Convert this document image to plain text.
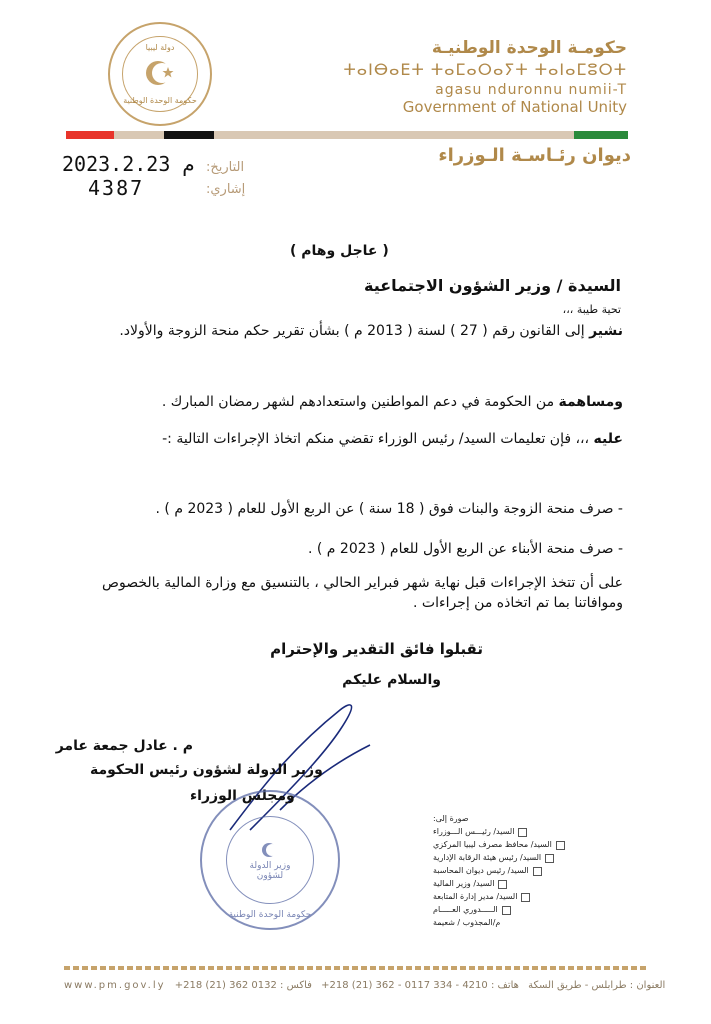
دولة ليبيا
حكومة الوحدة الوطنية
حكومـة الوحدة الوطنيـة
ⵜⴰⵏⴱⴰⴹⵜ ⵜⴰⵎⴰⵔⴰⵢⵜ ⵜⴰⵏⴰⵎⵓⵔⵜ
agasu nduronnu numii-T
Government of National Unity
ديوان رئـاسـة الـوزراء
م 2023.2.23 التاريخ:
4387	إشاري:
( عاجل وهام )
السيدة / وزير الشؤون الاجتماعية
تحية طيبة ،،،
نشير إلى القانون رقم ( 27 ) لسنة ( 2013 م ) بشأن تقرير حكم منحة الزوجة والأولاد.
ومساهمة من الحكومة في دعم المواطنين واستعدادهم لشهر رمضان المبارك .
عليه ،،، فإن تعليمات السيد/ رئيس الوزراء تقضي منكم اتخاذ الإجراءات التالية :-
- صرف منحة الزوجة والبنات فوق ( 18 سنة ) عن الربع الأول للعام ( 2023 م ) .
- صرف منحة الأبناء عن الربع الأول للعام ( 2023 م ) .
على أن تتخذ الإجراءات قبل نهاية شهر فبراير الحالي ، بالتنسيق مع وزارة المالية بالخصوص وموافاتنا بما تم اتخاذه من إجراءات .
تقبلوا فائق التقدير والإحترام
والسلام عليكم
م . عادل جمعة عامر
وزير الدولة لشؤون رئيس الحكومة
ومجلس الوزراء
وزير الدولة
لشؤون
حكومة الوحدة الوطنية
صورة إلى:
السيد/ رئيـــس الـــوزراء
السيد/ محافظ مصرف ليبيا المركزي
السيد/ رئيس هيئة الرقابة الإدارية
السيد/ رئيس ديوان المحاسبة
السيد/ وزير المالية
السيد/ مدير إدارة المتابعة
الـــــدوري العـــــام
م/المجذوب / شعيمة
www.pm.gov.ly فاكس : 0132 362 (21) 218+ هاتف : 4210 - 334 0117 - 362 (21) 218+ العنوان : طرابلس - طريق السكة
